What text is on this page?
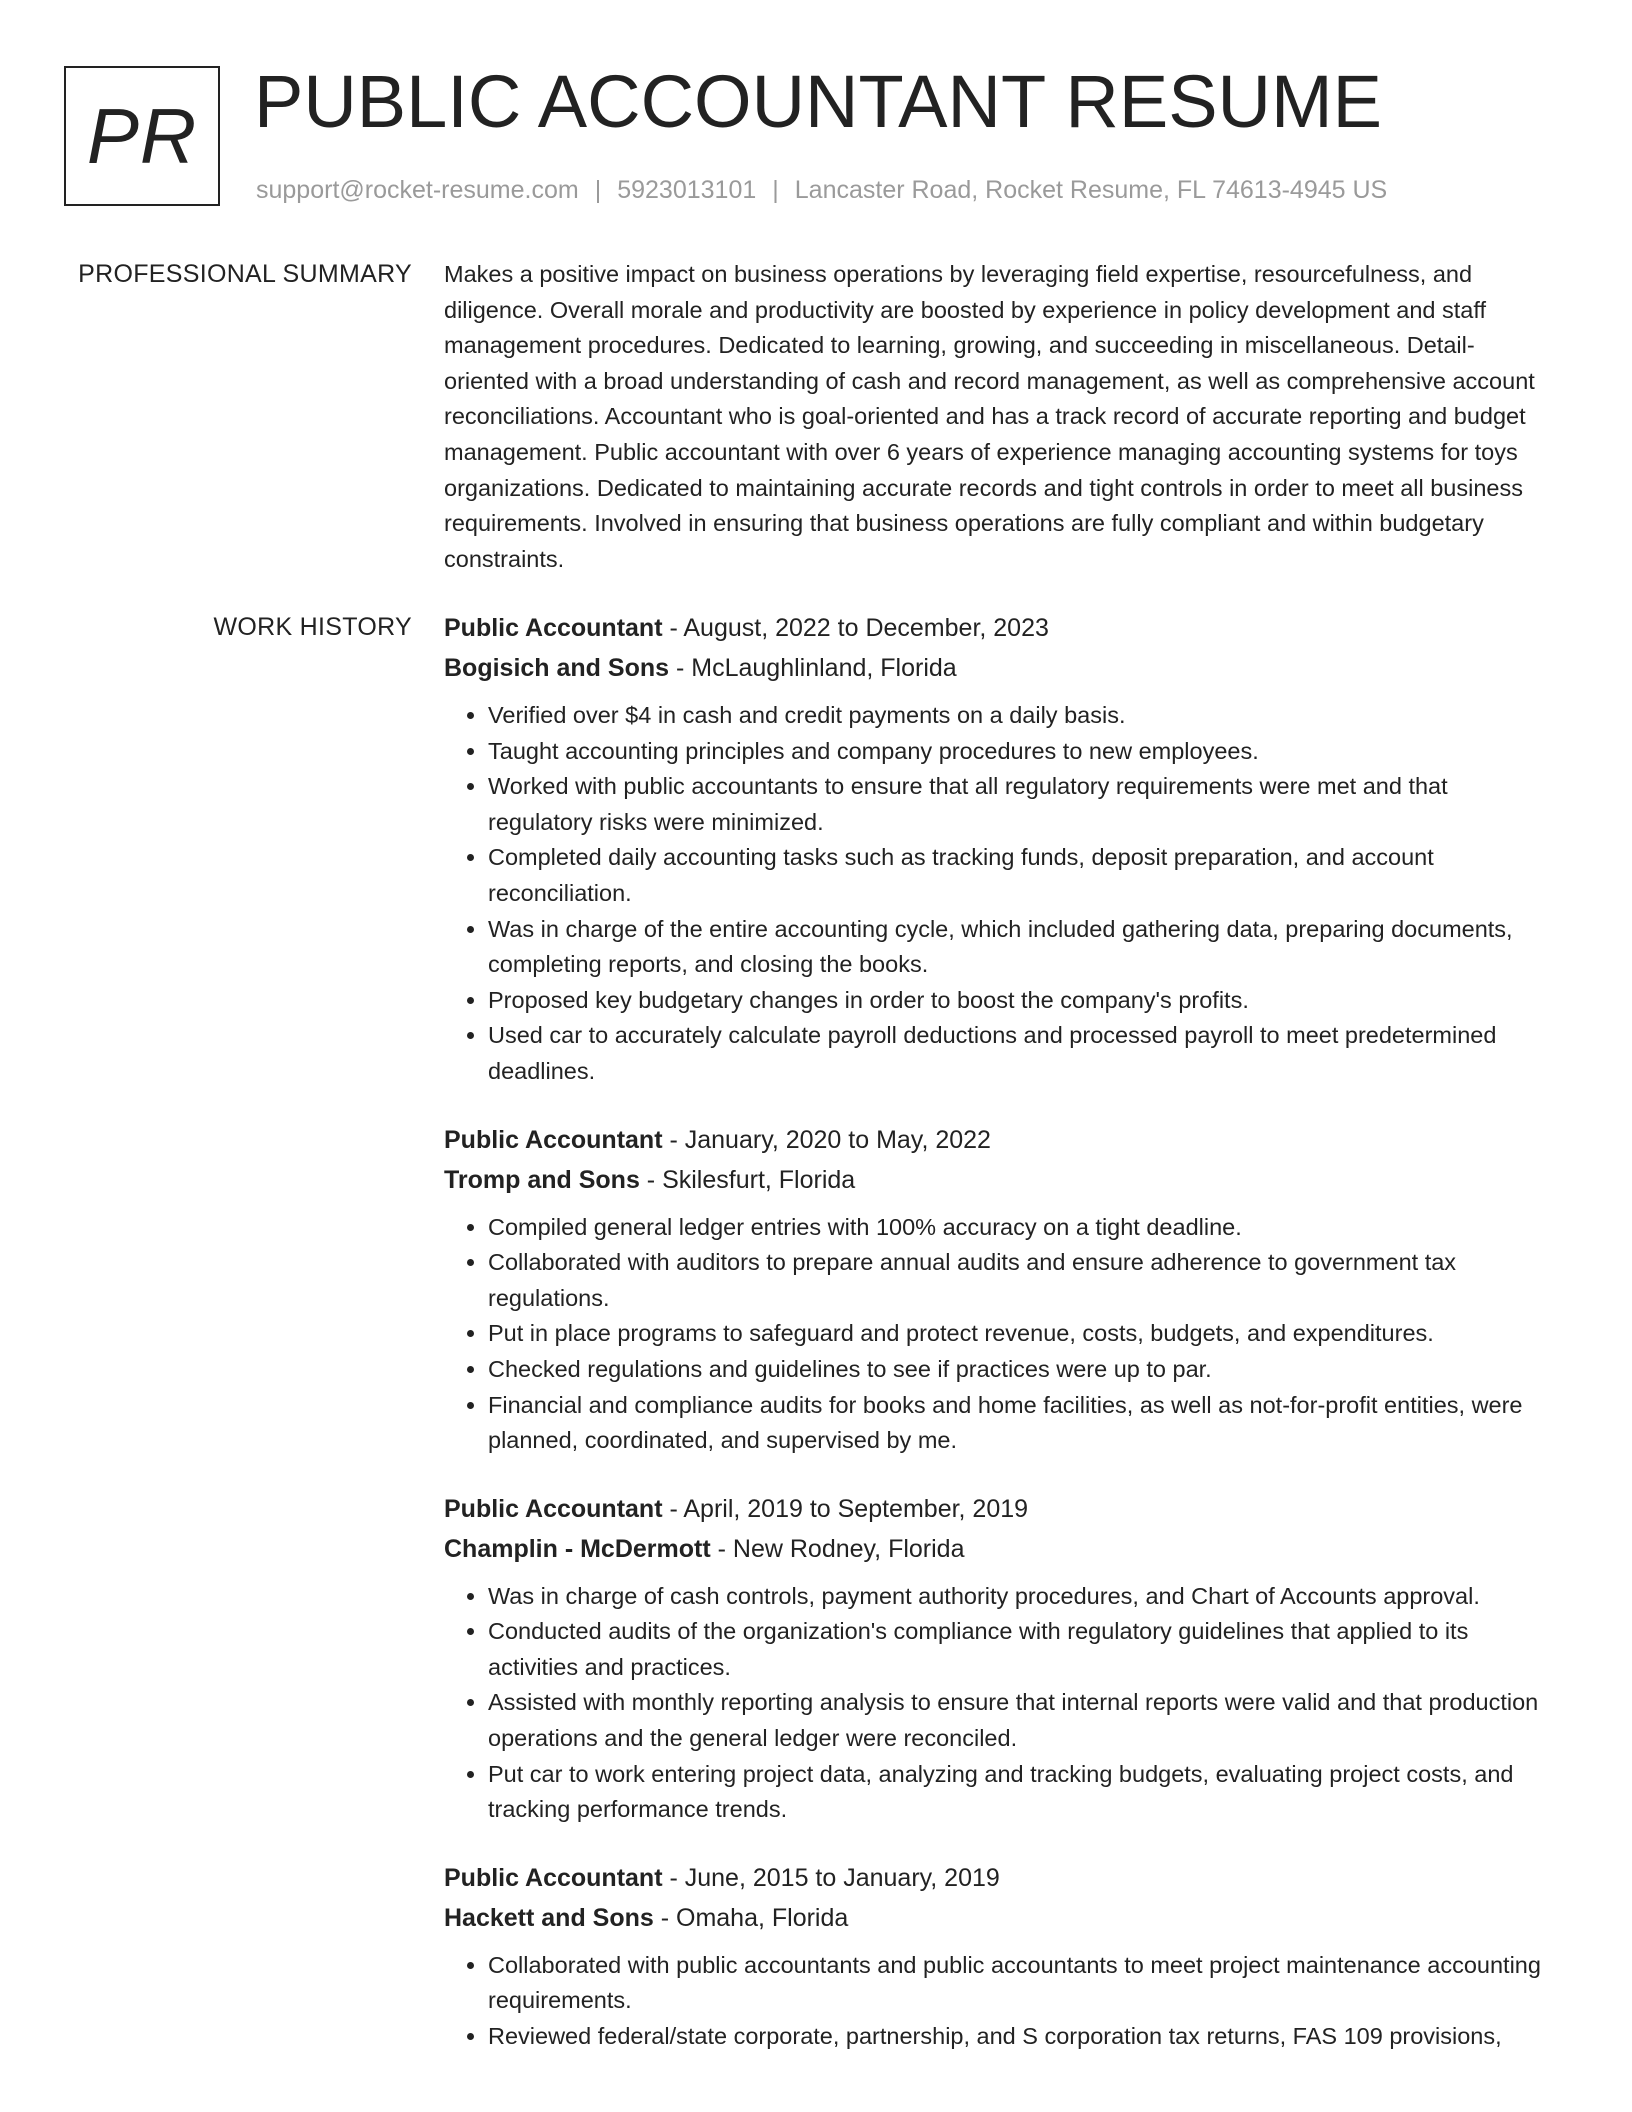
PR PUBLIC ACCOUNTANT RESUME
support@rocket-resume.com | 5923013101 | Lancaster Road, Rocket Resume, FL 74613-4945 US
PROFESSIONAL SUMMARY Makes a positive impact on business operations by leveraging field expertise, resourcefulness, and diligence. Overall morale and productivity are boosted by experience in policy development and staff management procedures. Dedicated to learning, growing, and succeeding in miscellaneous. Detail-oriented with a broad understanding of cash and record management, as well as comprehensive account reconciliations. Accountant who is goal-oriented and has a track record of accurate reporting and budget management. Public accountant with over 6 years of experience managing accounting systems for toys organizations. Dedicated to maintaining accurate records and tight controls in order to meet all business requirements. Involved in ensuring that business operations are fully compliant and within budgetary constraints.

WORK HISTORY Public Accountant - August, 2022 to December, 2023
Bogisich and Sons - McLaughlinland, Florida
• Verified over $4 in cash and credit payments on a daily basis.
• Taught accounting principles and company procedures to new employees.
• Worked with public accountants to ensure that all regulatory requirements were met and that regulatory risks were minimized.
• Completed daily accounting tasks such as tracking funds, deposit preparation, and account reconciliation.
• Was in charge of the entire accounting cycle, which included gathering data, preparing documents, completing reports, and closing the books.
• Proposed key budgetary changes in order to boost the company's profits.
• Used car to accurately calculate payroll deductions and processed payroll to meet predetermined deadlines.
Public Accountant - January, 2020 to May, 2022
Tromp and Sons - Skilesfurt, Florida
• Compiled general ledger entries with 100% accuracy on a tight deadline.
• Collaborated with auditors to prepare annual audits and ensure adherence to government tax regulations.
• Put in place programs to safeguard and protect revenue, costs, budgets, and expenditures.
• Checked regulations and guidelines to see if practices were up to par.
• Financial and compliance audits for books and home facilities, as well as not-for-profit entities, were planned, coordinated, and supervised by me.
Public Accountant - April, 2019 to September, 2019
Champlin - McDermott - New Rodney, Florida
• Was in charge of cash controls, payment authority procedures, and Chart of Accounts approval.
• Conducted audits of the organization's compliance with regulatory guidelines that applied to its activities and practices.
• Assisted with monthly reporting analysis to ensure that internal reports were valid and that production operations and the general ledger were reconciled.
• Put car to work entering project data, analyzing and tracking budgets, evaluating project costs, and tracking performance trends.
Public Accountant - June, 2015 to January, 2019
Hackett and Sons - Omaha, Florida
• Collaborated with public accountants and public accountants to meet project maintenance accounting requirements.
• Reviewed federal/state corporate, partnership, and S corporation tax returns, FAS 109 provisions,
